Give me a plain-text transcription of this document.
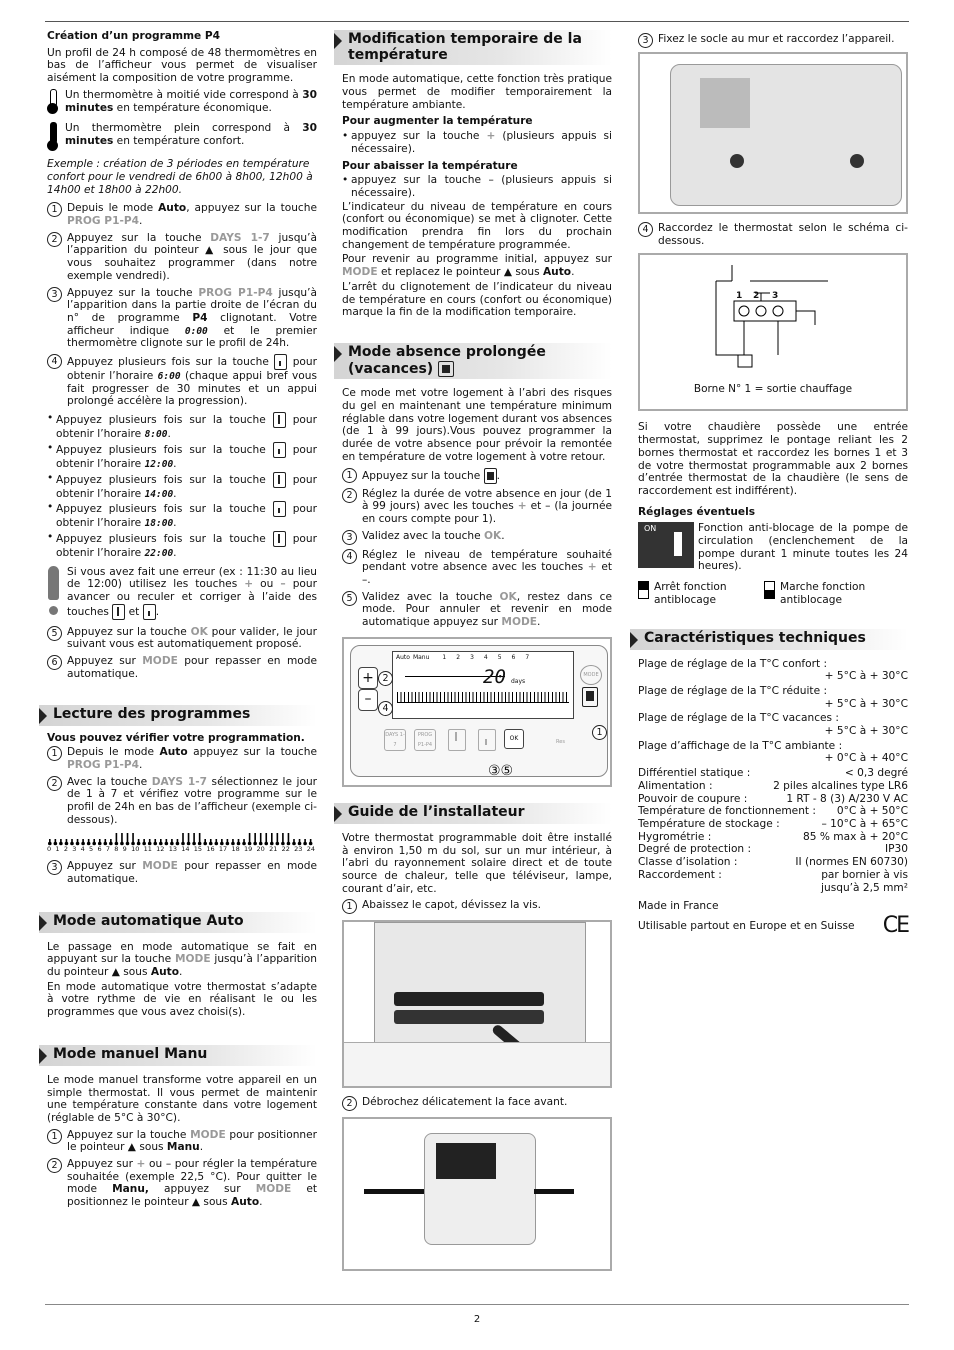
2

Création d’un programme P4

Un profil de 24 h composé de 48 thermomètres en bas de l’afficheur vous permet de visualiser aisément la composition de votre programme.

Un thermomètre à moitié vide correspond à 30 minutes en température économique.
Un thermomètre plein correspond à 30 minutes en température confort.

Exemple : création de 3 périodes en température confort pour le vendredi de 6h00 à 8h00, 12h00 à 14h00 et 18h00 à 22h00.

1 Depuis le mode Auto, appuyez sur la touche PROG P1-P4.
2 Appuyez sur la touche DAYS 1-7 jusqu’à l’apparition du pointeur ▲ sous le jour que vous souhaitez programmer (dans notre exemple vendredi).
3 Appuyez sur la touche PROG P1-P4 jusqu’à l’apparition dans la partie droite de l’écran du n° de programme P4 clignotant. Votre afficheur indique 0:00 et le premier thermomètre clignote sur le profil de 24h.
4 Appuyez plusieurs fois sur la touche
pour obtenir l’horaire 6:00 (chaque appui bref vous fait progresser de 30 minutes et un appui prolongé accélère la progression).
• Appuyez plusieurs fois sur la touche
pour obtenir l’horaire 8:00.
• Appuyez plusieurs fois sur la touche
pour obtenir l’horaire 12:00.
• Appuyez plusieurs fois sur la touche
pour obtenir l’horaire 14:00.
• Appuyez plusieurs fois sur la touche
pour obtenir l’horaire 18:00.
• Appuyez plusieurs fois sur la touche
pour obtenir l’horaire 22:00.
Si vous avez fait une erreur (ex : 11:30 au lieu de 12:00) utilisez les touches + ou – pour avancer ou reculer et corriger à l’aide des touches
et
.
5 Appuyez sur la touche OK pour valider, le jour suivant vous est automatiquement proposé.
6 Appuyez sur MODE pour repasser en mode automatique.
Lecture des programmes

Vous pouvez vérifier votre programmation.

1 Depuis le mode Auto appuyez sur la touche PROG P1-P4.
2 Avec la touche DAYS 1-7 sélectionnez le jour de 1 à 7 et vérifiez votre programme sur le profil de 24h en bas de l’afficheur (exemple ci-dessous).
0 1 2 3 4 5 6 7 8 9 10 11 12 13 14 15 16 17 18 19 20 21 22 23 24
3 Appuyez sur MODE pour repasser en mode automatique.
Mode automatique Auto

Le passage en mode automatique se fait en appuyant sur la touche MODE jusqu’à l’apparition du pointeur ▲ sous Auto.

En mode automatique votre thermostat s’adapte à votre rythme de vie en réalisant le ou les programmes que vous avez choisi(s).

Mode manuel Manu

Le mode manuel transforme votre appareil en un simple thermostat. Il vous permet de maintenir une température constante dans votre logement (réglable de 5°C à 30°C).

1 Appuyez sur la touche MODE pour positionner le pointeur ▲ sous Manu.
2 Appuyez sur + ou – pour régler la température souhaitée (exemple 22,5 °C). Pour quitter le mode Manu, appuyez sur MODE et positionnez le pointeur ▲ sous Auto.
Modification temporaire de la température

En mode automatique, cette fonction très pratique vous permet de modifier temporairement la température ambiante.

Pour augmenter la température

• appuyez sur la touche + (plusieurs appuis si nécessaire).

Pour abaisser la température

• appuyez sur la touche – (plusieurs appuis si nécessaire).

L’indicateur du niveau de température en cours (confort ou économique) se met à clignoter. Cette modification prendra fin lors du prochain changement de température programmée.

Pour revenir au programme initial, appuyez sur MODE et replacez le pointeur ▲ sous Auto.

L’arrêt du clignotement de l’indicateur du niveau de température en cours (confort ou économique) marque la fin de la modification temporaire.

Mode absence prolongée (vacances)

Ce mode met votre logement à l’abri des risques du gel en maintenant une température minimum réglable dans votre logement durant vos absences (de 1 à 99 jours).Vous pouvez programmer la durée de votre absence pour prévoir la remontée en température de votre logement à votre retour.

1 Appuyez sur la touche
.
2 Réglez la durée de votre absence en jour (de 1 à 99 jours) avec les touches + et – (la journée en cours compte pour 1).
3 Validez avec la touche OK.
4 Réglez le niveau de température souhaité pendant votre absence avec les touches + et –.
5 Validez avec la touche OK, restez dans ce mode. Pour annuler et revenir en mode automatique appuyez sur MODE.
Auto Manu 1 2 3 4 5 6 7
20 days
+
–
2
4
MODE
1
DAYS 1-7
PROG P1-P4
OK	Res
③⑤
Guide de l’installateur

Votre thermostat programmable doit être installé à environ 1,50 m du sol, sur un mur intérieur, à l’abri du rayonnement solaire direct et de toute source de chaleur, telle que téléviseur, lampe, courant d’air, etc.

1 Abaissez le capot, dévissez la vis.
2 Débrochez délicatement la face avant.
3 Fixez le socle au mur et raccordez l’appareil.
4 Raccordez le thermostat selon le schéma ci-dessous.
1 2 3
Borne N° 1 = sortie chauffage

Si votre chaudière possède une entrée thermostat, supprimez le pontage reliant les 2 bornes thermostat et raccordez les bornes 1 et 3 de votre thermostat programmable aux 2 bornes d’entrée thermostat de la chaudière (le sens de raccordement est indifférent).

Réglages éventuels

ON	Fonction anti-blocage de la pompe de circulation (enclenchement de la pompe durant 1 minute toutes les 24 heures).
Arrêt fonction antiblocage
Marche fonction antiblocage
Caractéristiques techniques
Plage de réglage de la T°C confort :
+ 5°C à + 30°C
Plage de réglage de la T°C réduite :
+ 5°C à + 30°C
Plage de réglage de la T°C vacances :
+ 5°C à + 30°C
Plage d’affichage de la T°C ambiante :
+ 0°C à + 40°C
Différentiel statique :	< 0,3 degré
Alimentation :	2 piles alcalines type LR6
Pouvoir de coupure :	1 RT - 8 (3) A/230 V AC
Température de fonctionnement : 0°C à + 50°C
Température de stockage :	– 10°C à + 65°C
Hygrométrie :	85 % max à + 20°C
Degré de protection :	IP30
Classe d’isolation :	II (normes EN 60730)
Raccordement :	par bornier à vis
jusqu’à 2,5 mm²
Made in France
Utilisable partout en Europe et en Suisse CE
